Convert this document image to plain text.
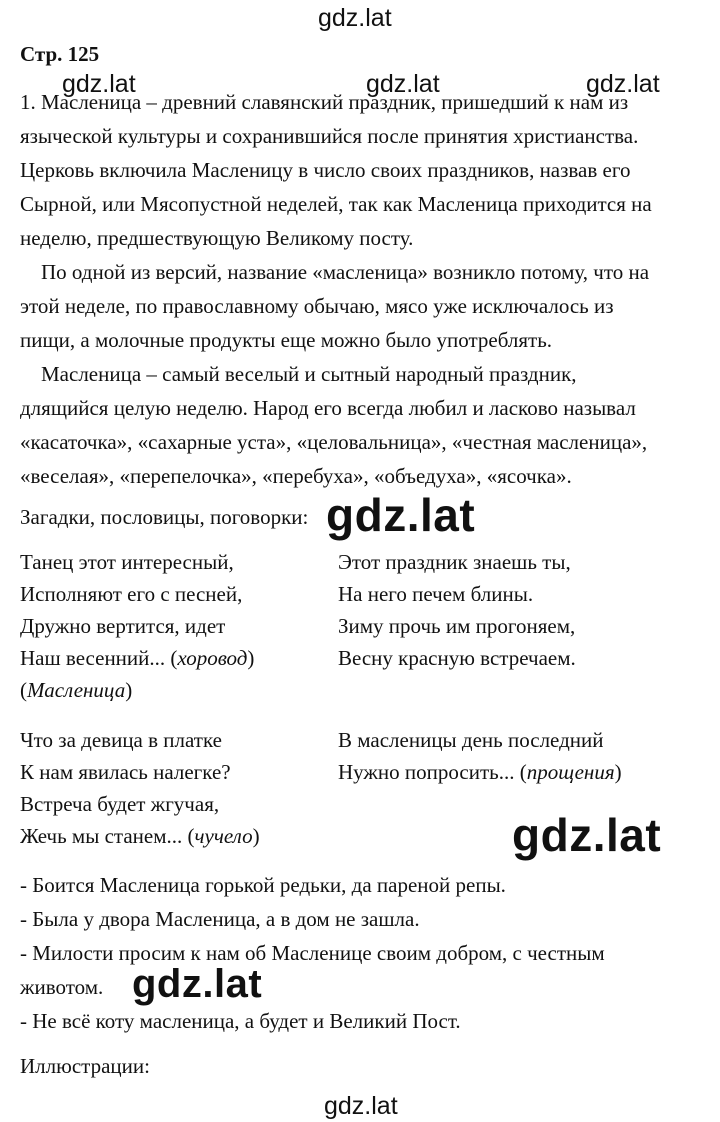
gdz.lat
gdz.lat	gdz.lat	gdz.lat
Стр. 125
1. Масленица – древний славянский праздник, пришедший к нам из
языческой культуры и сохранившийся после принятия христианства.
Церковь включила Масленицу в число своих праздников, назвав его
Сырной, или Мясопустной неделей, так как Масленица приходится на
неделю, предшествующую Великому посту.
По одной из версий, название «масленица» возникло потому, что на
этой неделе, по православному обычаю, мясо уже исключалось из
пищи, а молочные продукты еще можно было употреблять.
Масленица – самый веселый и сытный народный праздник,
длящийся целую неделю. Народ его всегда любил и ласково называл
«касаточка», «сахарные уста», «целовальница», «честная масленица»,
«веселая», «перепелочка», «перебуха», «объедуха», «ясочка».
Загадки, пословицы, поговорки: gdz.lat
Танец этот интересный,
Исполняют его с песней,
Дружно вертится, идет
Наш весенний... (хоровод)
(Масленица)
Этот праздник знаешь ты,
На него печем блины.
Зиму прочь им прогоняем,
Весну красную встречаем.
Что за девица в платке
К нам явилась налегке?
Встреча будет жгучая,
Жечь мы станем... (чучело)
В масленицы день последний
Нужно попросить... (прощения)
gdz.lat
- Боится Масленица горькой редьки, да пареной репы.
- Была у двора Масленица, а в дом не зашла.
- Милости просим к нам об Масленице своим добром, с честным
животом.
- Не всё коту масленица, а будет и Великий Пост.
gdz.lat
Иллюстрации:
gdz.lat
